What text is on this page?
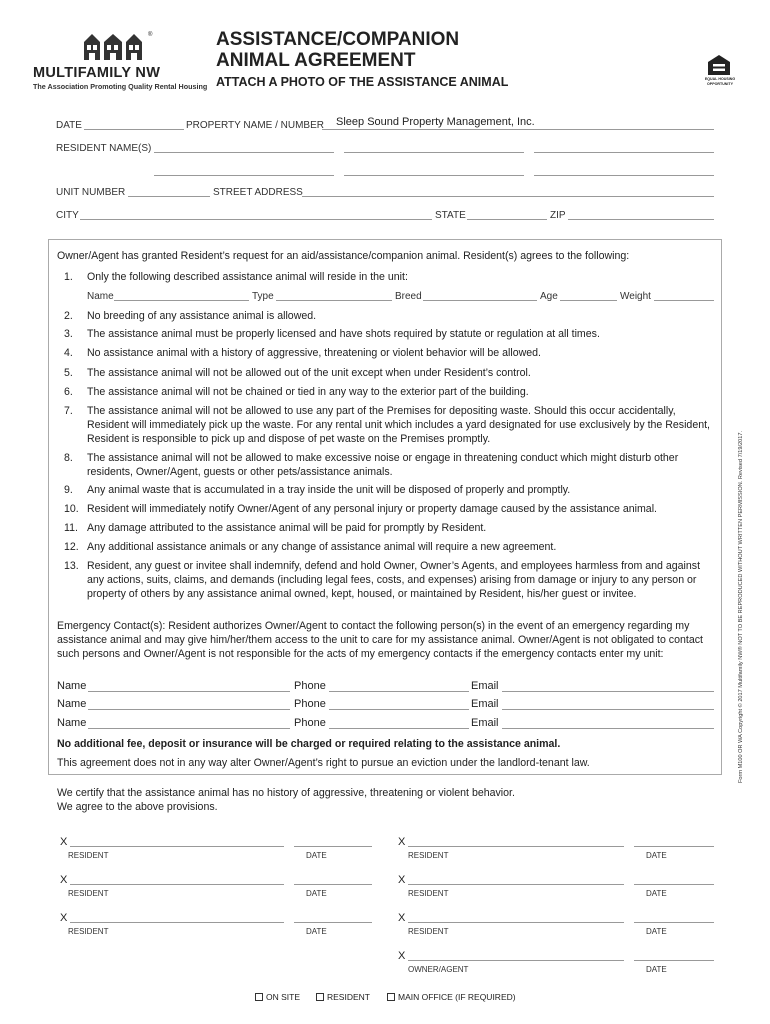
®
MULTIFAMILY NW
The Association Promoting Quality Rental Housing
ASSISTANCE/COMPANION
ANIMAL AGREEMENT
ATTACH A PHOTO OF THE ASSISTANCE ANIMAL	EQUAL HOUSING
OPPORTUNITY
DATE	PROPERTY NAME / NUMBER Sleep Sound Property Management, Inc.
RESIDENT NAME(S)
UNIT NUMBER	STREET ADDRESS
CITY	STATE	ZIP
Owner/Agent has granted Resident’s request for an aid/assistance/companion animal. Resident(s) agrees to the following:
1.	Only the following described assistance animal will reside in the unit:
Name	Type	Breed	Age	Weight
2.	No breeding of any assistance animal is allowed.
3.	The assistance animal must be properly licensed and have shots required by statute or regulation at all times.
4.	No assistance animal with a history of aggressive, threatening or violent behavior will be allowed.
5.	The assistance animal will not be allowed out of the unit except when under Resident’s control.
6.	The assistance animal will not be chained or tied in any way to the exterior part of the building.
7.	The assistance animal will not be allowed to use any part of the Premises for depositing waste. Should this occur accidentally, Resident will immediately pick up the waste. For any rental unit which includes a yard designated for use exclusively by the Resident, Resident is responsible to pick up and dispose of pet waste on the Premises promptly.
8.	The assistance animal will not be allowed to make excessive noise or engage in threatening conduct which might disturb other residents, Owner/Agent, guests or other pets/assistance animals.
9.	Any animal waste that is accumulated in a tray inside the unit will be disposed of properly and promptly.
10. Resident will immediately notify Owner/Agent of any personal injury or property damage caused by the assistance animal.
11. Any damage attributed to the assistance animal will be paid for promptly by Resident.
12. Any additional assistance animals or any change of assistance animal will require a new agreement.
13. Resident, any guest or invitee shall indemnify, defend and hold Owner, Owner’s Agents, and employees harmless from and against any actions, suits, claims, and demands (including legal fees, costs, and expenses) arising from damage or injury to any person or property of others by any assistance animal owned, kept, housed, or maintained by Resident, his/her guest or invitee.
Emergency Contact(s): Resident authorizes Owner/Agent to contact the following person(s) in the event of an emergency regarding my assistance animal and may give him/her/them access to the unit to care for my assistance animal. Owner/Agent is not obligated to contact such persons and Owner/Agent is not responsible for the acts of my emergency contacts if the emergency contacts enter my unit:
Name	Phone	Email
Name	Phone	Email
Name	Phone	Email
No additional fee, deposit or insurance will be charged or required relating to the assistance animal.
This agreement does not in any way alter Owner/Agent’s right to pursue an eviction under the landlord-tenant law.	Form M100 OR WA Copyright © 2017 Multifamily NW® NOT TO BE REPRODUCED WITHOUT WRITTEN PERMISSION. Revised 7/19/2017.
We certify that the assistance animal has no history of aggressive, threatening or violent behavior.
We agree to the above provisions.
X
RESIDENT	DATE
X
RESIDENT	DATE
X
RESIDENT	DATE
X
RESIDENT	DATE
X
RESIDENT	DATE
X
RESIDENT	DATE
X
OWNER/AGENT	DATE
ON SITE	RESIDENT	MAIN OFFICE (IF REQUIRED)
